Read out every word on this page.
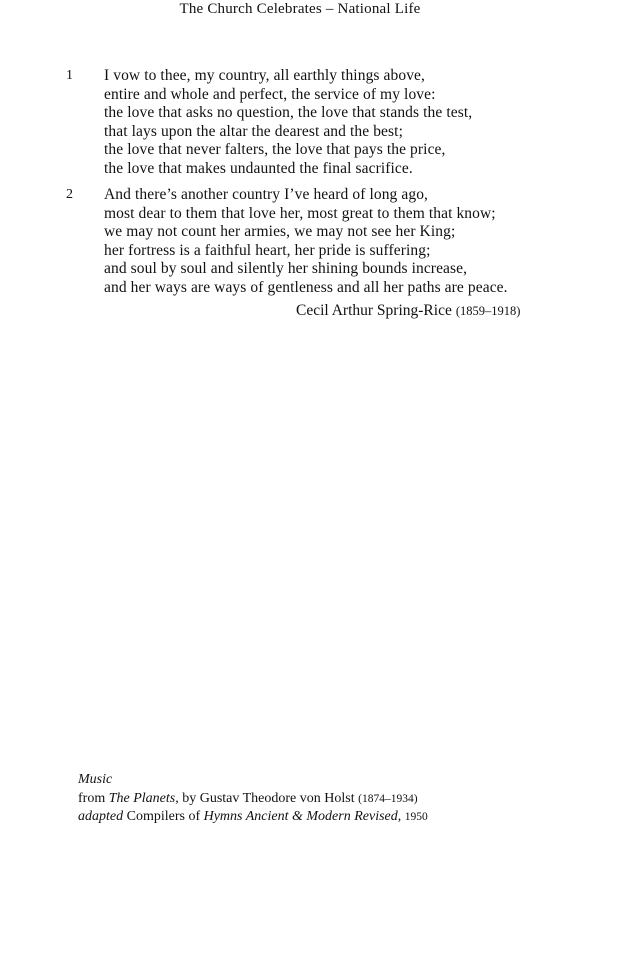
The Church Celebrates – National Life
1 I vow to thee, my country, all earthly things above,
entire and whole and perfect, the service of my love:
the love that asks no question, the love that stands the test,
that lays upon the altar the dearest and the best;
the love that never falters, the love that pays the price,
the love that makes undaunted the final sacrifice.
2 And there’s another country I’ve heard of long ago,
most dear to them that love her, most great to them that know;
we may not count her armies, we may not see her King;
her fortress is a faithful heart, her pride is suffering;
and soul by soul and silently her shining bounds increase,
and her ways are ways of gentleness and all her paths are peace.
Cecil Arthur Spring-Rice (1859–1918)
Music
from The Planets, by Gustav Theodore von Holst (1874–1934)
adapted Compilers of Hymns Ancient & Modern Revised, 1950
